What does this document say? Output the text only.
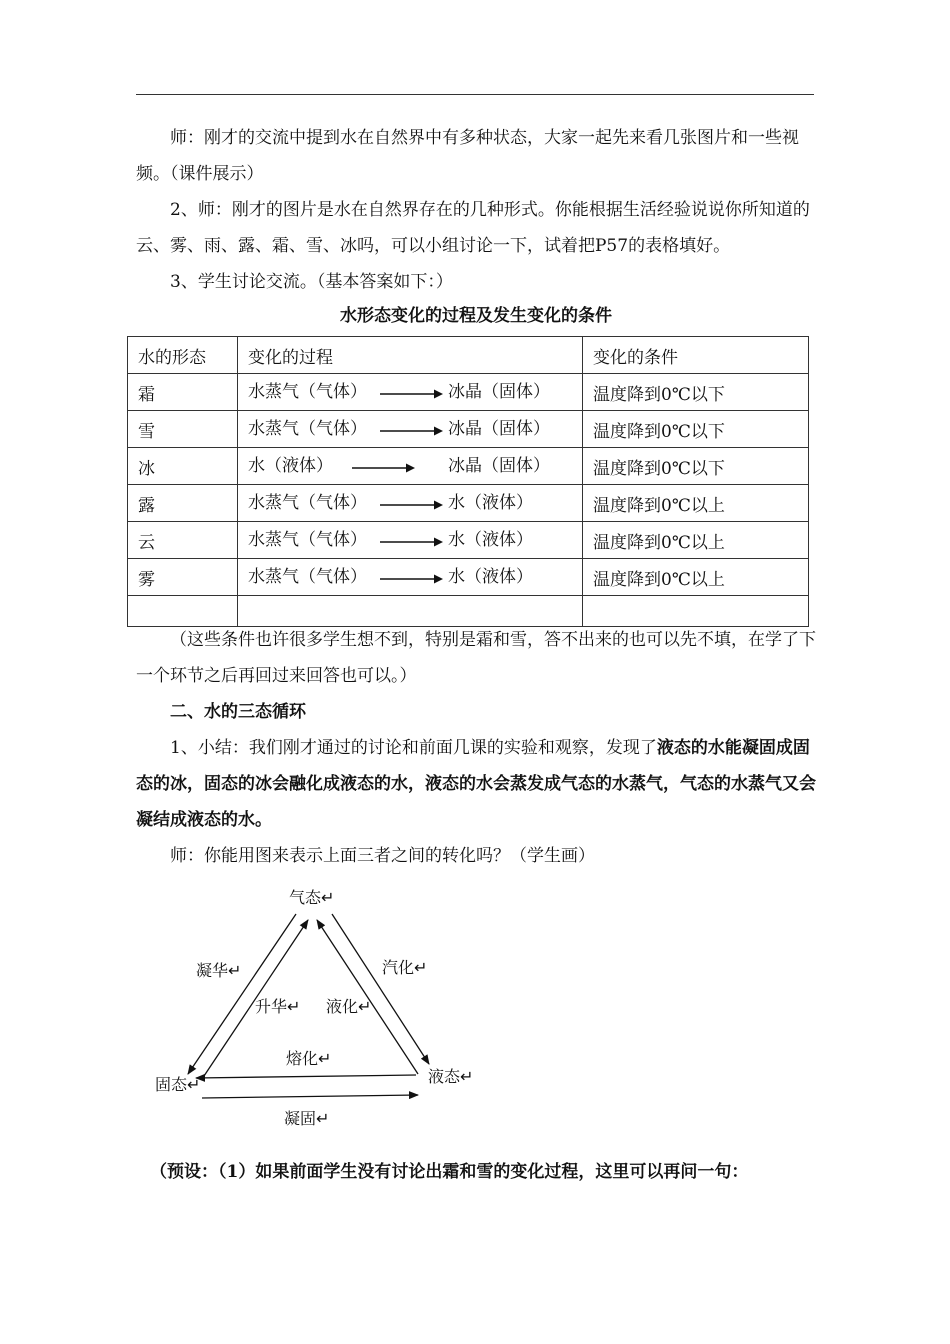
师：刚才的交流中提到水在自然界中有多种状态，大家一起先来看几张图片和一些视频。（课件展示）

2、师：刚才的图片是水在自然界存在的几种形式。你能根据生活经验说说你所知道的云、雾、雨、露、霜、雪、冰吗，可以小组讨论一下，试着把P57的表格填好。

3、学生讨论交流。（基本答案如下：）

水形态变化的过程及发生变化的条件
水的形态	变化的过程	变化的条件
霜	水蒸气（气体） 冰晶（固体）	温度降到0℃以下
雪	水蒸气（气体） 冰晶（固体）	温度降到0℃以下
冰	水（液体） 冰晶（固体）	温度降到0℃以下
露	水蒸气（气体） 水（液体）	温度降到0℃以上
云	水蒸气（气体） 水（液体）	温度降到0℃以上
雾	水蒸气（气体） 水（液体）	温度降到0℃以上

（这些条件也许很多学生想不到，特别是霜和雪，答不出来的也可以先不填，在学了下一个环节之后再回过来回答也可以。）

二、水的三态循环

1、小结：我们刚才通过的讨论和前面几课的实验和观察，发现了液态的水能凝固成固态的冰，固态的冰会融化成液态的水，液态的水会蒸发成气态的水蒸气，气态的水蒸气又会凝结成液态的水。

师：你能用图来表示上面三者之间的转化吗？（学生画）

气态↵
固态↵	液态↵
凝华↵
升华↵
汽化↵
液化↵
熔化↵
凝固↵

（预设：（1）如果前面学生没有讨论出霜和雪的变化过程，这里可以再问一句：
